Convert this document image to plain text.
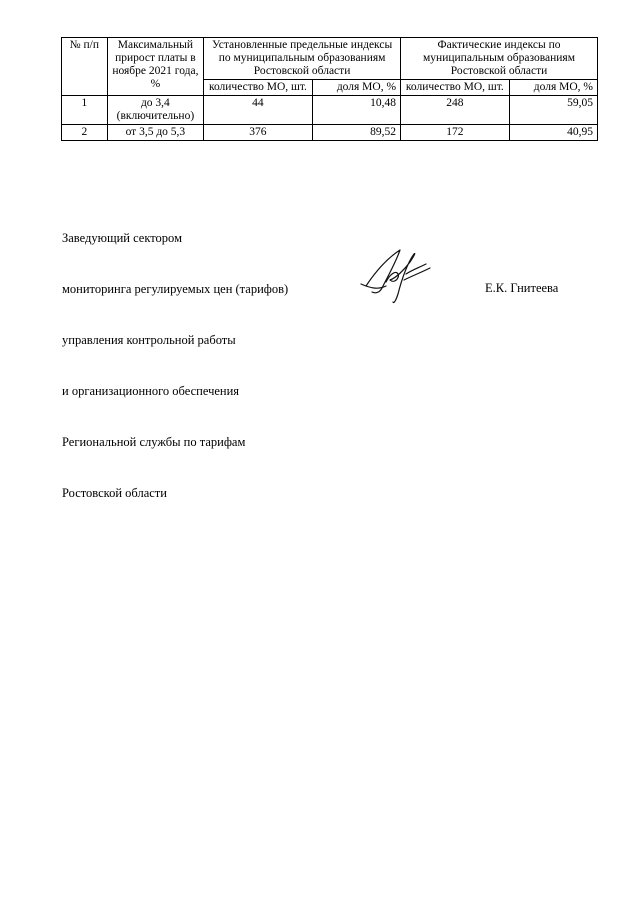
№ п/п	Максимальный прирост платы в ноябре 2021 года, %	Установленные предельные индексы по муниципальным образованиям Ростовской области		Фактические индексы по муниципальным образованиям Ростовской области	
		количество МО, шт.	доля МО, %	количество МО, шт.	доля МО, %
1	до 3,4 (включительно)	44	10,48	248	59,05
2	от 3,5 до 5,3	376	89,52	172	40,95

Заведующий сектором

мониторинга регулируемых цен (тарифов)

управления контрольной работы

и организационного обеспечения

Региональной службы по тарифам

Ростовской области

Е.К. Гнитеева
